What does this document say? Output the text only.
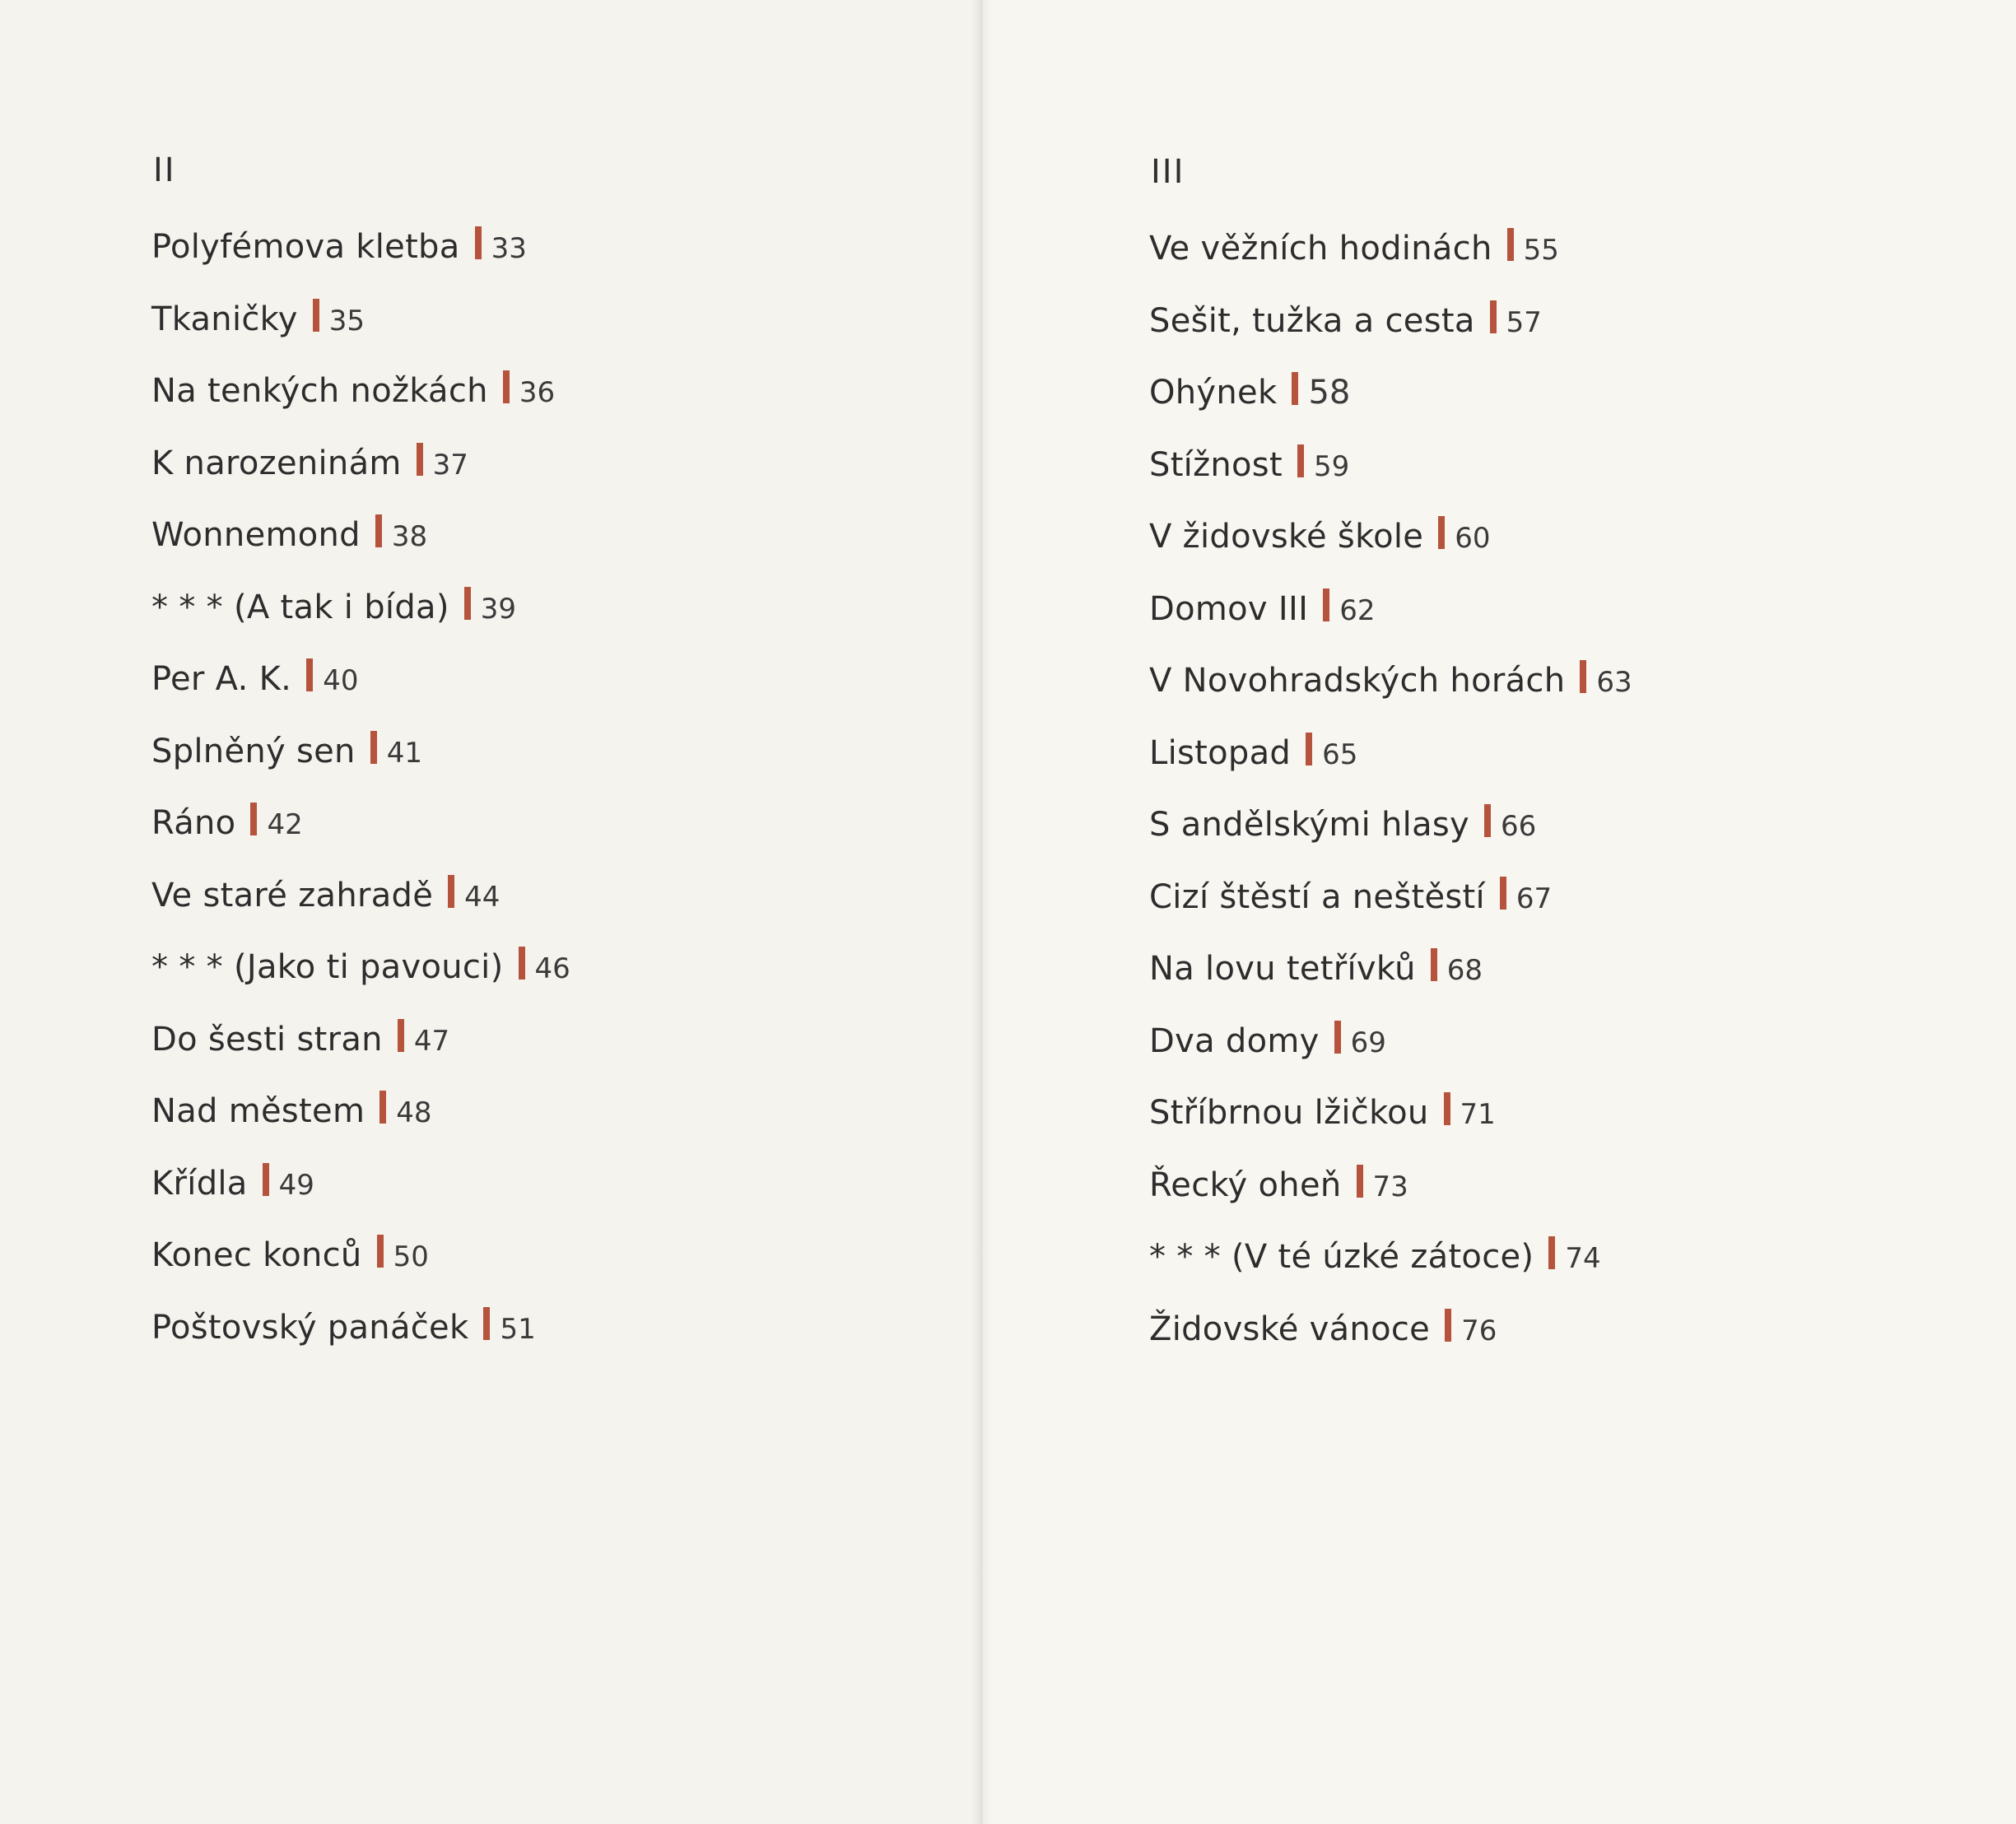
II
Polyfémova kletba 33
Tkaničky 35
Na tenkých nožkách 36
K narozeninám 37
Wonnemond 38
* * * (A tak i bída) 39
Per A. K. 40
Splněný sen 41
Ráno 42
Ve staré zahradě 44
* * * (Jako ti pavouci) 46
Do šesti stran 47
Nad městem 48
Křídla 49
Konec konců 50
Poštovský panáček 51
III
Ve věžních hodinách 55
Sešit, tužka a cesta 57
Ohýnek 58
Stížnost 59
V židovské škole 60
Domov III 62
V Novohradských horách 63
Listopad 65
S andělskými hlasy 66
Cizí štěstí a neštěstí 67
Na lovu tetřívků 68
Dva domy 69
Stříbrnou lžičkou 71
Řecký oheň 73
* * * (V té úzké zátoce) 74
Židovské vánoce 76
